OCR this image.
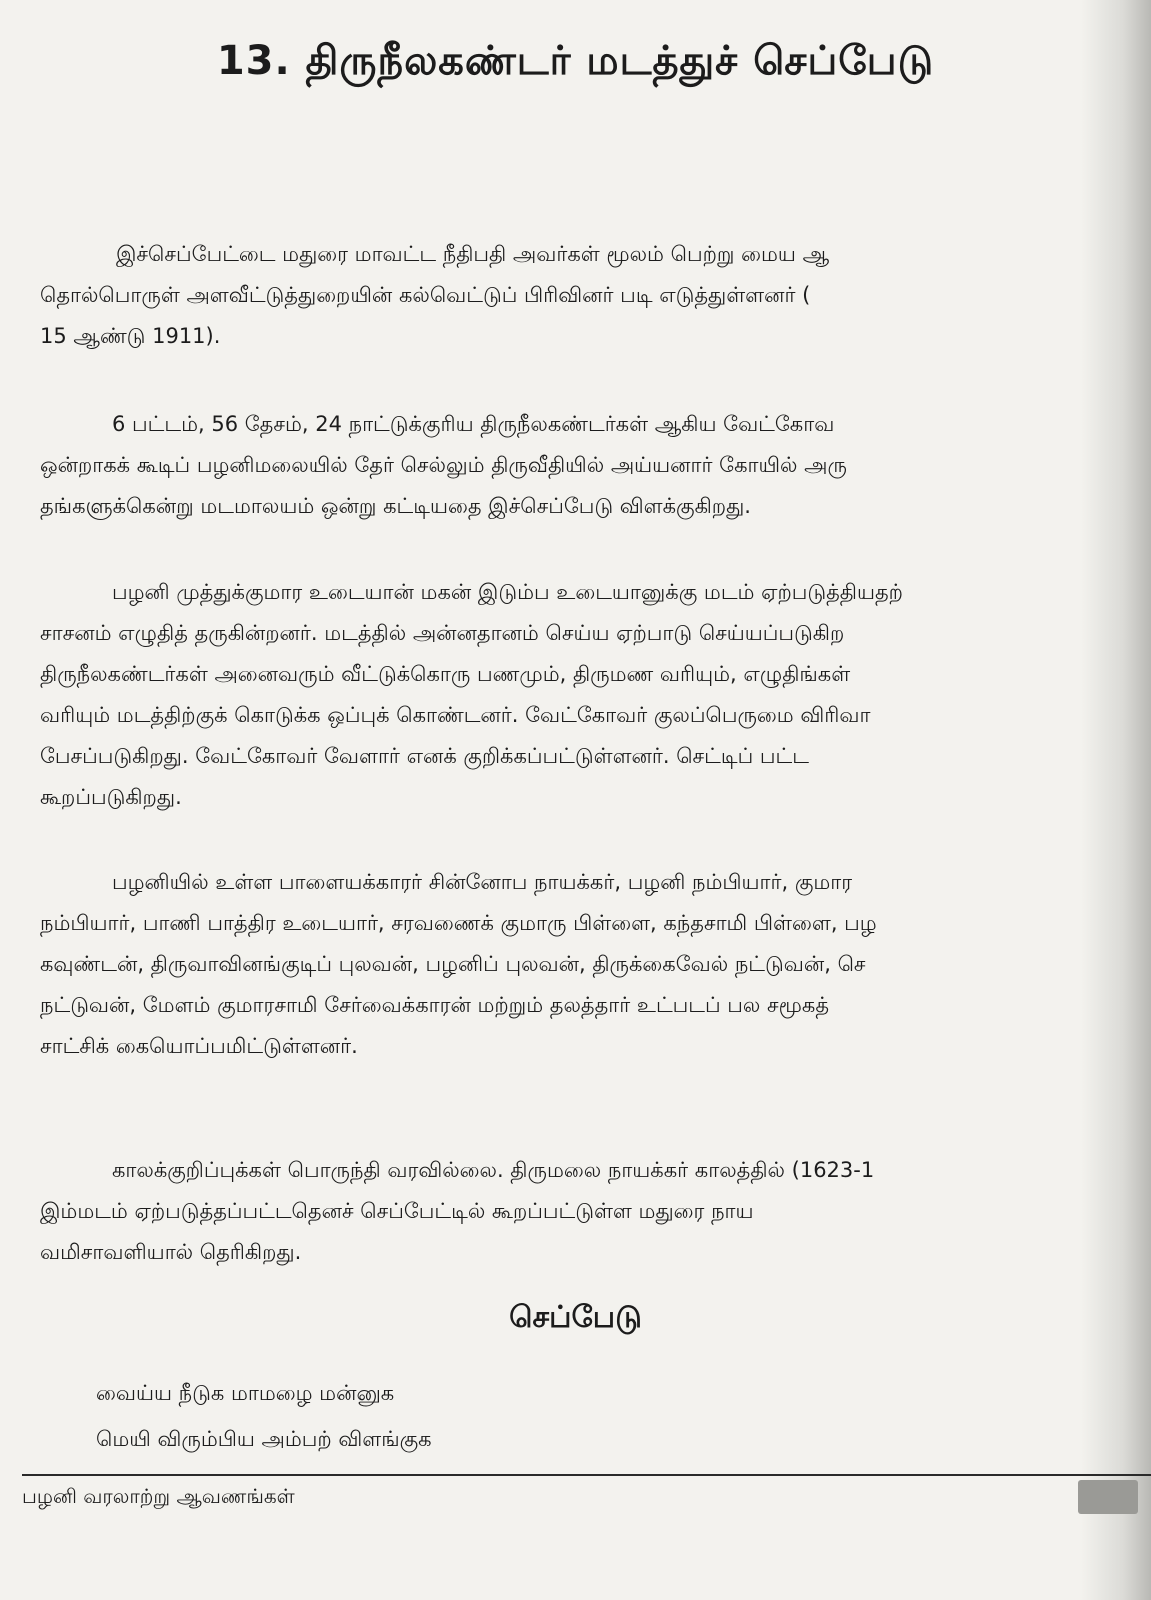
13. திருநீலகண்டர் மடத்துச் செப்பேடு

இச்செப்பேட்டை மதுரை மாவட்ட நீதிபதி அவர்கள் மூலம் பெற்று மைய ஆ
தொல்பொருள் அளவீட்டுத்துறையின் கல்வெட்டுப் பிரிவினர் படி எடுத்துள்ளனர் (
15 ஆண்டு 1911).

6 பட்டம், 56 தேசம், 24 நாட்டுக்குரிய திருநீலகண்டர்கள் ஆகிய வேட்கோவ
ஒன்றாகக் கூடிப் பழனிமலையில் தேர் செல்லும் திருவீதியில் அய்யனார் கோயில் அரு
தங்களுக்கென்று மடமாலயம் ஒன்று கட்டியதை இச்செப்பேடு விளக்குகிறது.

பழனி முத்துக்குமார உடையான் மகன் இடும்ப உடையானுக்கு மடம் ஏற்படுத்தியதற்
சாசனம் எழுதித் தருகின்றனர். மடத்தில் அன்னதானம் செய்ய ஏற்பாடு செய்யப்படுகிற
திருநீலகண்டர்கள் அனைவரும் வீட்டுக்கொரு பணமும், திருமண வரியும், எழுதிங்கள்
வரியும் மடத்திற்குக் கொடுக்க ஒப்புக் கொண்டனர். வேட்கோவர் குலப்பெருமை விரிவா
பேசப்படுகிறது. வேட்கோவர் வேளார் எனக் குறிக்கப்பட்டுள்ளனர். செட்டிப் பட்ட
கூறப்படுகிறது.

பழனியில் உள்ள பாளையக்காரர் சின்னோப நாயக்கர், பழனி நம்பியார், குமார
நம்பியார், பாணி பாத்திர உடையார், சரவணைக் குமாரு பிள்ளை, கந்தசாமி பிள்ளை, பழ
கவுண்டன், திருவாவினங்குடிப் புலவன், பழனிப் புலவன், திருக்கைவேல் நட்டுவன், செ
நட்டுவன், மேளம் குமாரசாமி சேர்வைக்காரன் மற்றும் தலத்தார் உட்படப் பல சமூகத்
சாட்சிக் கையொப்பமிட்டுள்ளனர்.

காலக்குறிப்புக்கள் பொருந்தி வரவில்லை. திருமலை நாயக்கர் காலத்தில் (1623-1
இம்மடம் ஏற்படுத்தப்பட்டதெனச் செப்பேட்டில் கூறப்பட்டுள்ள மதுரை நாய
வமிசாவளியால் தெரிகிறது.

செப்பேடு

வைய்ய நீடுக மாமழை மன்னுக
மெயி விரும்பிய அம்பற் விளங்குக

பழனி வரலாற்று ஆவணங்கள்
